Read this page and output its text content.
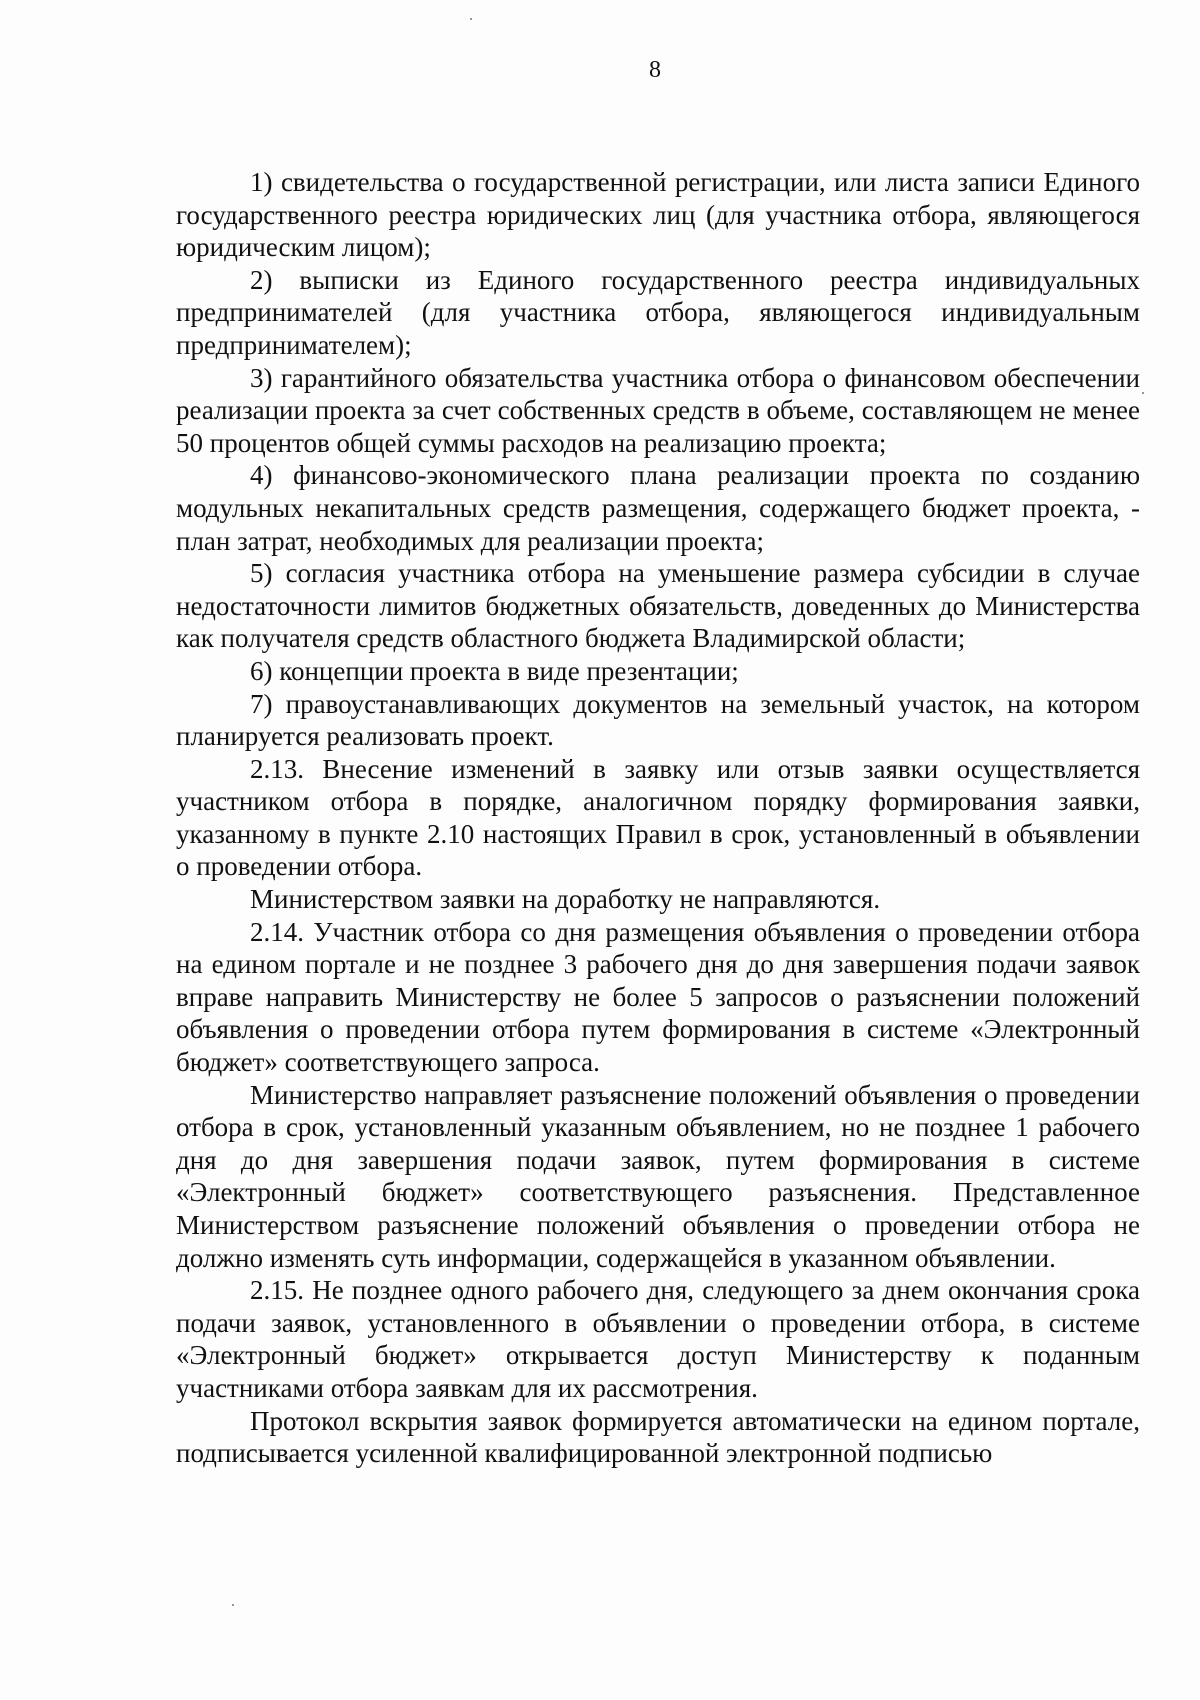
8

1) свидетельства о государственной регистрации, или листа записи Единого государственного реестра юридических лиц (для участника отбора, являющегося юридическим лицом);

2) выписки из Единого государственного реестра индивидуальных предпринимателей (для участника отбора, являющегося индивидуальным предпринимателем);

3) гарантийного обязательства участника отбора о финансовом обеспечении реализации проекта за счет собственных средств в объеме, составляющем не менее 50 процентов общей суммы расходов на реализацию проекта;

4) финансово-экономического плана реализации проекта по созданию модульных некапитальных средств размещения, содержащего бюджет проекта, - план затрат, необходимых для реализации проекта;

5) согласия участника отбора на уменьшение размера субсидии в случае недостаточности лимитов бюджетных обязательств, доведенных до Министерства как получателя средств областного бюджета Владимирской области;

6) концепции проекта в виде презентации;

7) правоустанавливающих документов на земельный участок, на котором планируется реализовать проект.

2.13. Внесение изменений в заявку или отзыв заявки осуществляется участником отбора в порядке, аналогичном порядку формирования заявки, указанному в пункте 2.10 настоящих Правил в срок, установленный в объявлении о проведении отбора.

Министерством заявки на доработку не направляются.

2.14. Участник отбора со дня размещения объявления о проведении отбора на едином портале и не позднее 3 рабочего дня до дня завершения подачи заявок вправе направить Министерству не более 5 запросов о разъяснении положений объявления о проведении отбора путем формирования в системе «Электронный бюджет» соответствующего запроса.

Министерство направляет разъяснение положений объявления о проведении отбора в срок, установленный указанным объявлением, но не позднее 1 рабочего дня до дня завершения подачи заявок, путем формирования в системе «Электронный бюджет» соответствующего разъяснения. Представленное Министерством разъяснение положений объявления о проведении отбора не должно изменять суть информации, содержащейся в указанном объявлении.

2.15. Не позднее одного рабочего дня, следующего за днем окончания срока подачи заявок, установленного в объявлении о проведении отбора, в системе «Электронный бюджет» открывается доступ Министерству к поданным участниками отбора заявкам для их рассмотрения.

Протокол вскрытия заявок формируется автоматически на едином портале, подписывается усиленной квалифицированной электронной подписью
